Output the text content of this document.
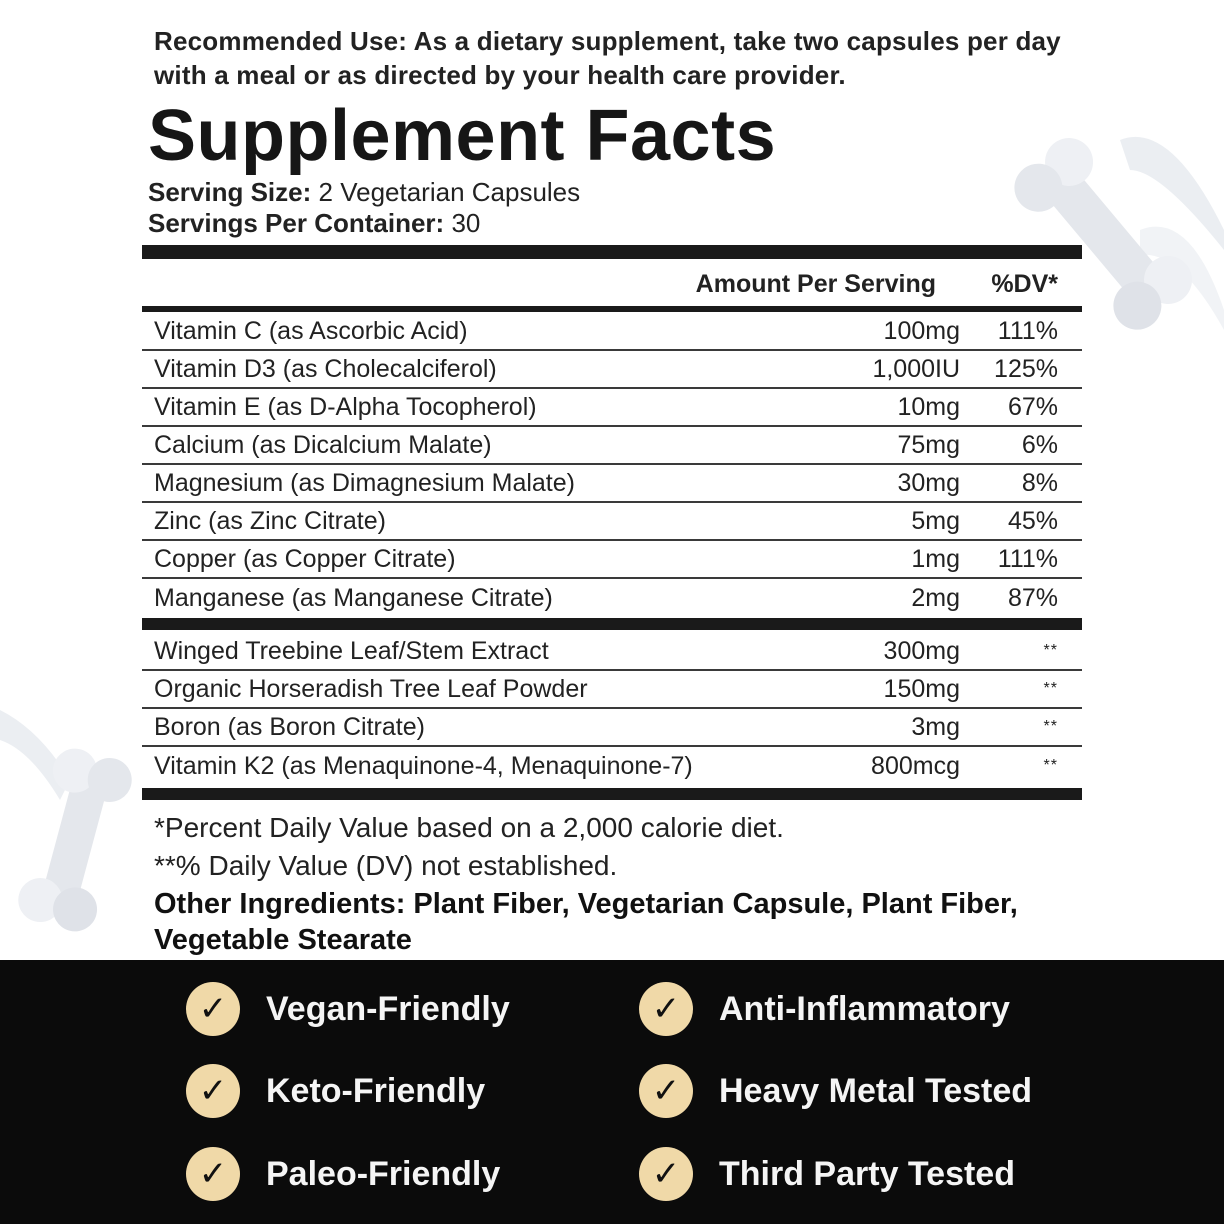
Recommended Use: As a dietary supplement, take two capsules per day with a meal or as directed by your health care provider.
Supplement Facts
Serving Size: 2 Vegetarian Capsules
Servings Per Container: 30
Amount Per Serving	%DV*
Vitamin C (as Ascorbic Acid)	100mg	111%
Vitamin D3 (as Cholecalciferol)	1,000IU	125%
Vitamin E (as D-Alpha Tocopherol)	10mg	67%
Calcium (as Dicalcium Malate)	75mg	6%
Magnesium (as Dimagnesium Malate)	30mg	8%
Zinc (as Zinc Citrate)	5mg	45%
Copper (as Copper Citrate)	1mg	111%
Manganese (as Manganese Citrate)	2mg	87%
Winged Treebine Leaf/Stem Extract	300mg	**
Organic Horseradish Tree Leaf Powder	150mg	**
Boron (as Boron Citrate)	3mg	**
Vitamin K2 (as Menaquinone-4, Menaquinone-7)	800mcg	**
*Percent Daily Value based on a 2,000 calorie diet.
**% Daily Value (DV) not established.
Other Ingredients: Plant Fiber, Vegetarian Capsule, Plant Fiber, Vegetable Stearate
✓	Vegan-Friendly	✓	Anti-Inflammatory
✓	Keto-Friendly	✓	Heavy Metal Tested
✓	Paleo-Friendly	✓	Third Party Tested
